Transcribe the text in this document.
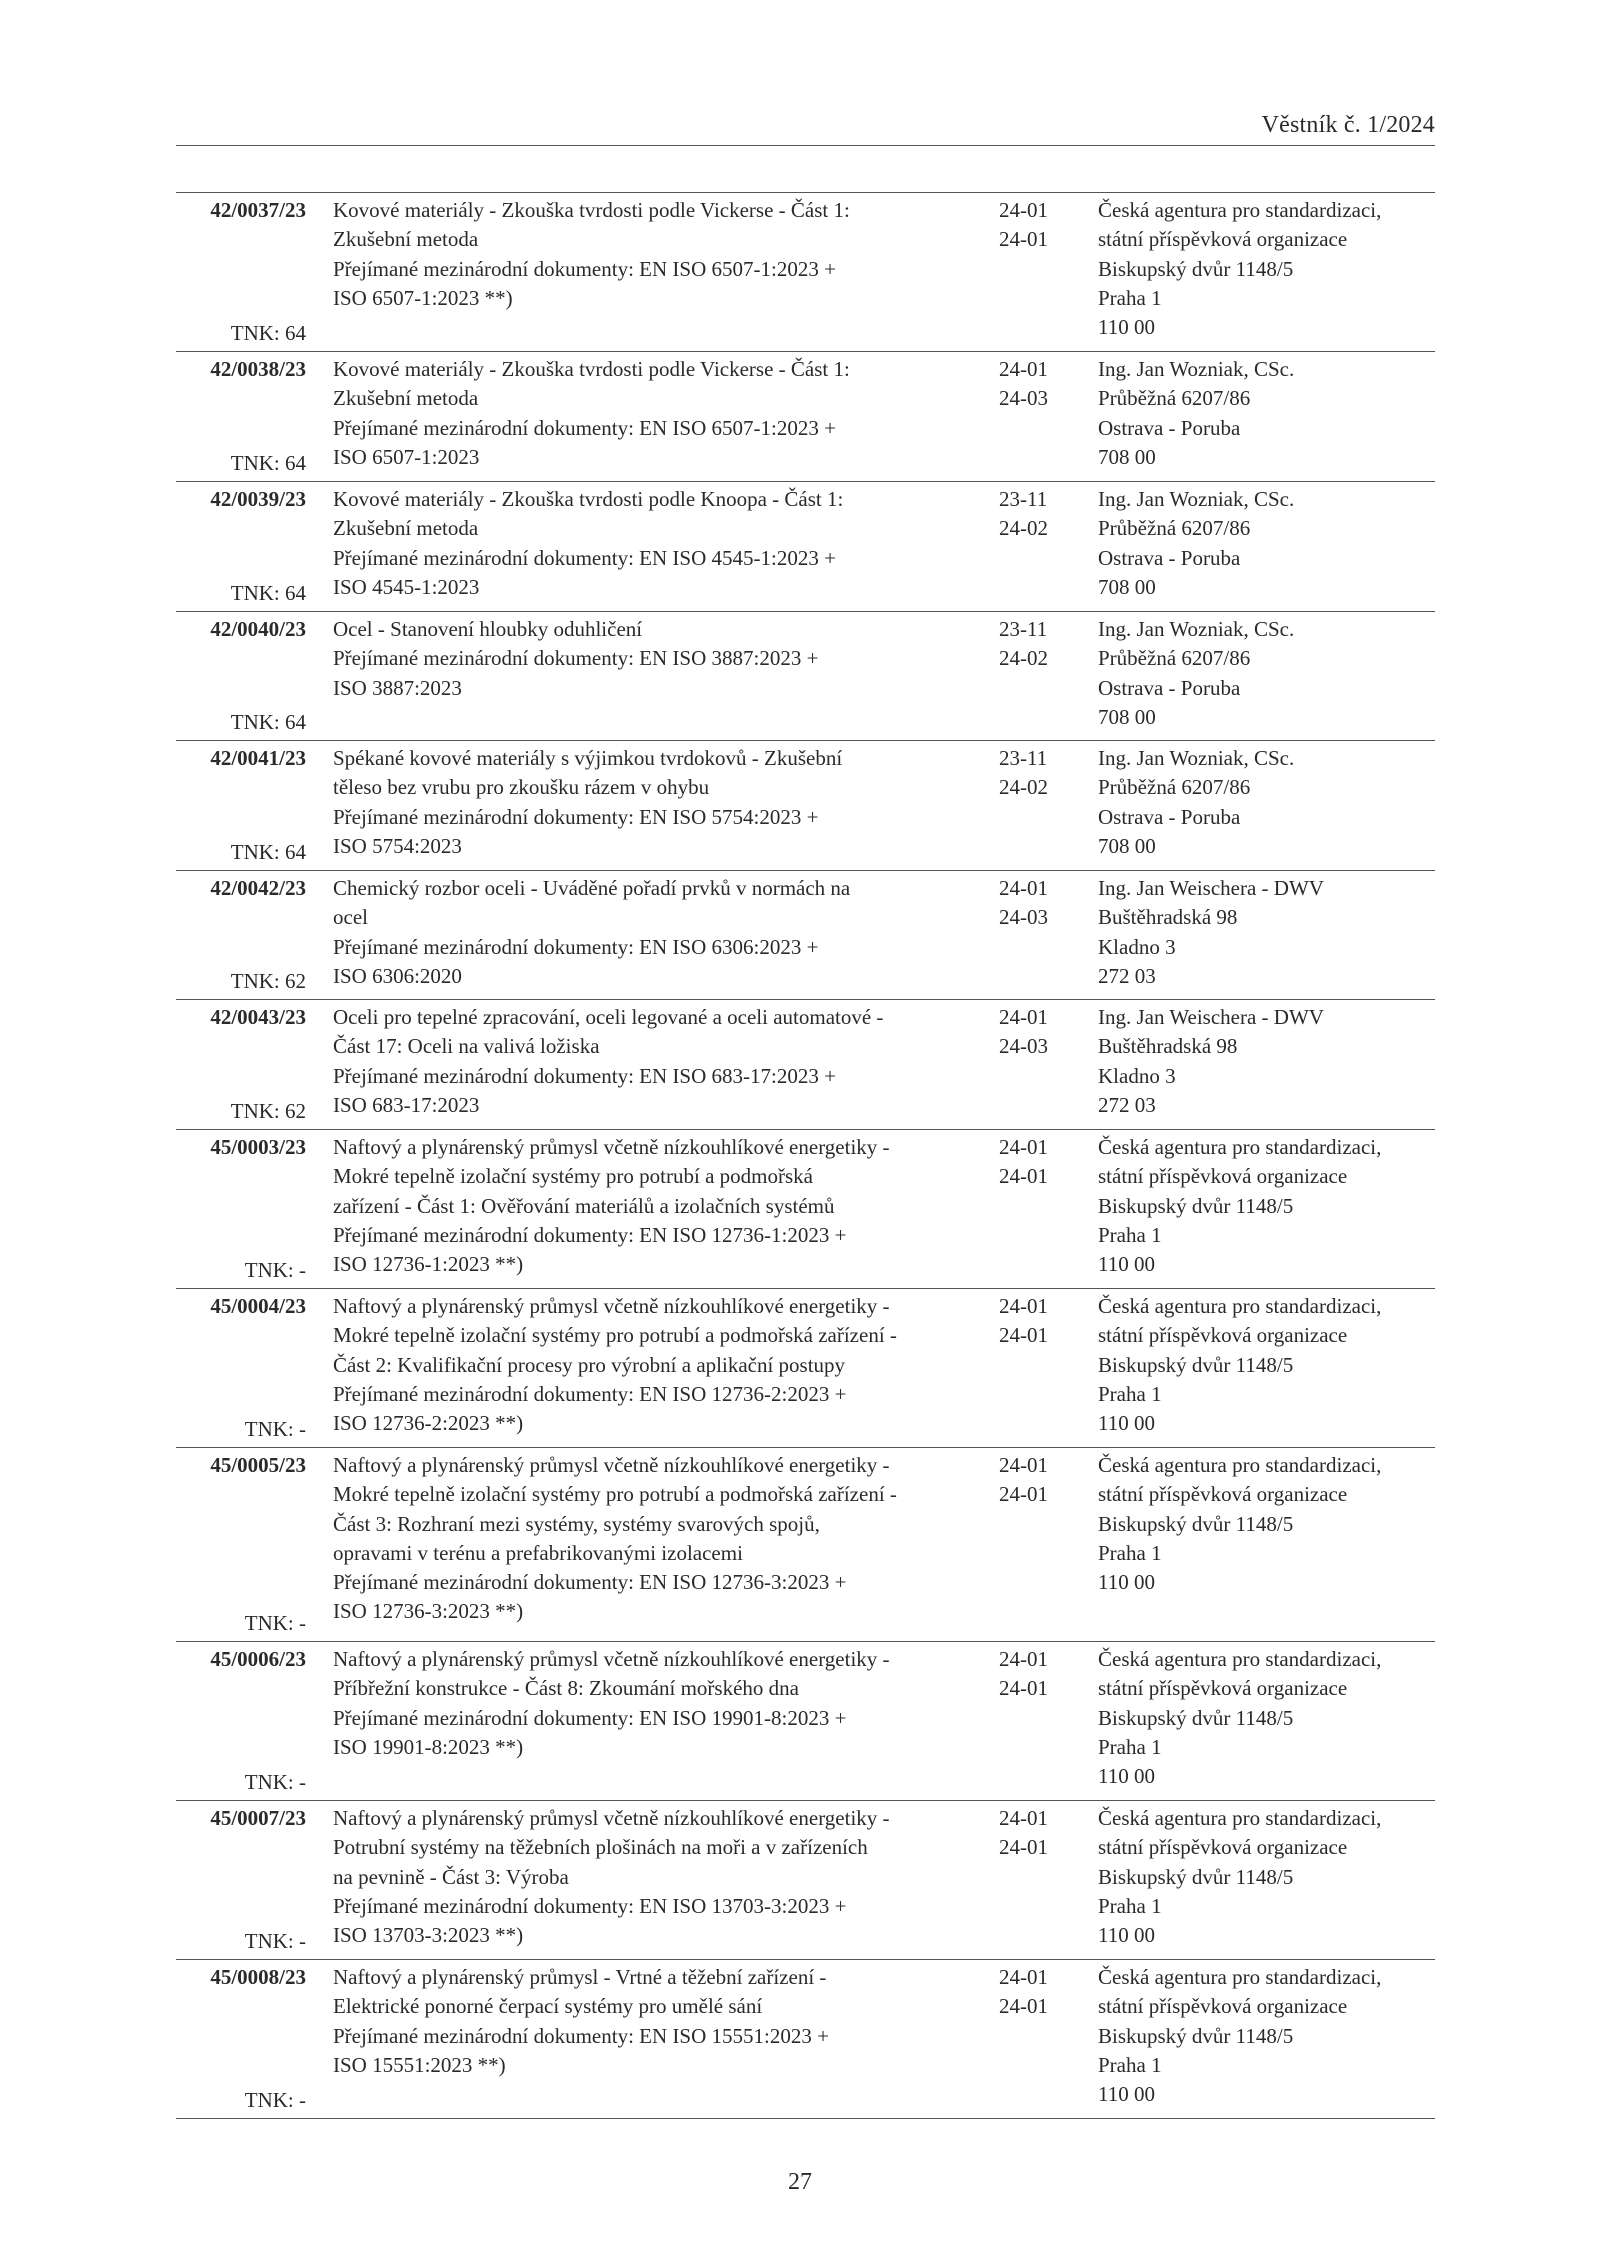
Věstník č. 1/2024
42/0037/23
TNK: 64
Kovové materiály - Zkouška tvrdosti podle Vickerse - Část 1:
Zkušební metoda
Přejímané mezinárodní dokumenty: EN ISO 6507-1:2023 +
ISO 6507-1:2023 **)
24-01
24-01
Česká agentura pro standardizaci,
státní příspěvková organizace
Biskupský dvůr 1148/5
Praha 1
110 00
42/0038/23
TNK: 64
Kovové materiály - Zkouška tvrdosti podle Vickerse - Část 1:
Zkušební metoda
Přejímané mezinárodní dokumenty: EN ISO 6507-1:2023 +
ISO 6507-1:2023
24-01
24-03
Ing. Jan Wozniak, CSc.
Průběžná 6207/86
Ostrava - Poruba
708 00
42/0039/23
TNK: 64
Kovové materiály - Zkouška tvrdosti podle Knoopa - Část 1:
Zkušební metoda
Přejímané mezinárodní dokumenty: EN ISO 4545-1:2023 +
ISO 4545-1:2023
23-11
24-02
Ing. Jan Wozniak, CSc.
Průběžná 6207/86
Ostrava - Poruba
708 00
42/0040/23
TNK: 64
Ocel - Stanovení hloubky oduhličení
Přejímané mezinárodní dokumenty: EN ISO 3887:2023 +
ISO 3887:2023
23-11
24-02
Ing. Jan Wozniak, CSc.
Průběžná 6207/86
Ostrava - Poruba
708 00
42/0041/23
TNK: 64
Spékané kovové materiály s výjimkou tvrdokovů - Zkušební
těleso bez vrubu pro zkoušku rázem v ohybu
Přejímané mezinárodní dokumenty: EN ISO 5754:2023 +
ISO 5754:2023
23-11
24-02
Ing. Jan Wozniak, CSc.
Průběžná 6207/86
Ostrava - Poruba
708 00
42/0042/23
TNK: 62
Chemický rozbor oceli - Uváděné pořadí prvků v normách na
ocel
Přejímané mezinárodní dokumenty: EN ISO 6306:2023 +
ISO 6306:2020
24-01
24-03
Ing. Jan Weischera - DWV
Buštěhradská 98
Kladno 3
272 03
42/0043/23
TNK: 62
Oceli pro tepelné zpracování, oceli legované a oceli automatové -
Část 17: Oceli na valivá ložiska
Přejímané mezinárodní dokumenty: EN ISO 683-17:2023 +
ISO 683-17:2023
24-01
24-03
Ing. Jan Weischera - DWV
Buštěhradská 98
Kladno 3
272 03
45/0003/23
TNK: -
Naftový a plynárenský průmysl včetně nízkouhlíkové energetiky -
Mokré tepelně izolační systémy pro potrubí a podmořská
zařízení - Část 1: Ověřování materiálů a izolačních systémů
Přejímané mezinárodní dokumenty: EN ISO 12736-1:2023 +
ISO 12736-1:2023 **)
24-01
24-01
Česká agentura pro standardizaci,
státní příspěvková organizace
Biskupský dvůr 1148/5
Praha 1
110 00
45/0004/23
TNK: -
Naftový a plynárenský průmysl včetně nízkouhlíkové energetiky -
Mokré tepelně izolační systémy pro potrubí a podmořská zařízení -
Část 2: Kvalifikační procesy pro výrobní a aplikační postupy
Přejímané mezinárodní dokumenty: EN ISO 12736-2:2023 +
ISO 12736-2:2023 **)
24-01
24-01
Česká agentura pro standardizaci,
státní příspěvková organizace
Biskupský dvůr 1148/5
Praha 1
110 00
45/0005/23
TNK: -
Naftový a plynárenský průmysl včetně nízkouhlíkové energetiky -
Mokré tepelně izolační systémy pro potrubí a podmořská zařízení -
Část 3: Rozhraní mezi systémy, systémy svarových spojů,
opravami v terénu a prefabrikovanými izolacemi
Přejímané mezinárodní dokumenty: EN ISO 12736-3:2023 +
ISO 12736-3:2023 **)
24-01
24-01
Česká agentura pro standardizaci,
státní příspěvková organizace
Biskupský dvůr 1148/5
Praha 1
110 00
45/0006/23
TNK: -
Naftový a plynárenský průmysl včetně nízkouhlíkové energetiky -
Příbřežní konstrukce - Část 8: Zkoumání mořského dna
Přejímané mezinárodní dokumenty: EN ISO 19901-8:2023 +
ISO 19901-8:2023 **)
24-01
24-01
Česká agentura pro standardizaci,
státní příspěvková organizace
Biskupský dvůr 1148/5
Praha 1
110 00
45/0007/23
TNK: -
Naftový a plynárenský průmysl včetně nízkouhlíkové energetiky -
Potrubní systémy na těžebních plošinách na moři a v zařízeních
na pevnině - Část 3: Výroba
Přejímané mezinárodní dokumenty: EN ISO 13703-3:2023 +
ISO 13703-3:2023 **)
24-01
24-01
Česká agentura pro standardizaci,
státní příspěvková organizace
Biskupský dvůr 1148/5
Praha 1
110 00
45/0008/23
TNK: -
Naftový a plynárenský průmysl - Vrtné a těžební zařízení -
Elektrické ponorné čerpací systémy pro umělé sání
Přejímané mezinárodní dokumenty: EN ISO 15551:2023 +
ISO 15551:2023 **)
24-01
24-01
Česká agentura pro standardizaci,
státní příspěvková organizace
Biskupský dvůr 1148/5
Praha 1
110 00
27
